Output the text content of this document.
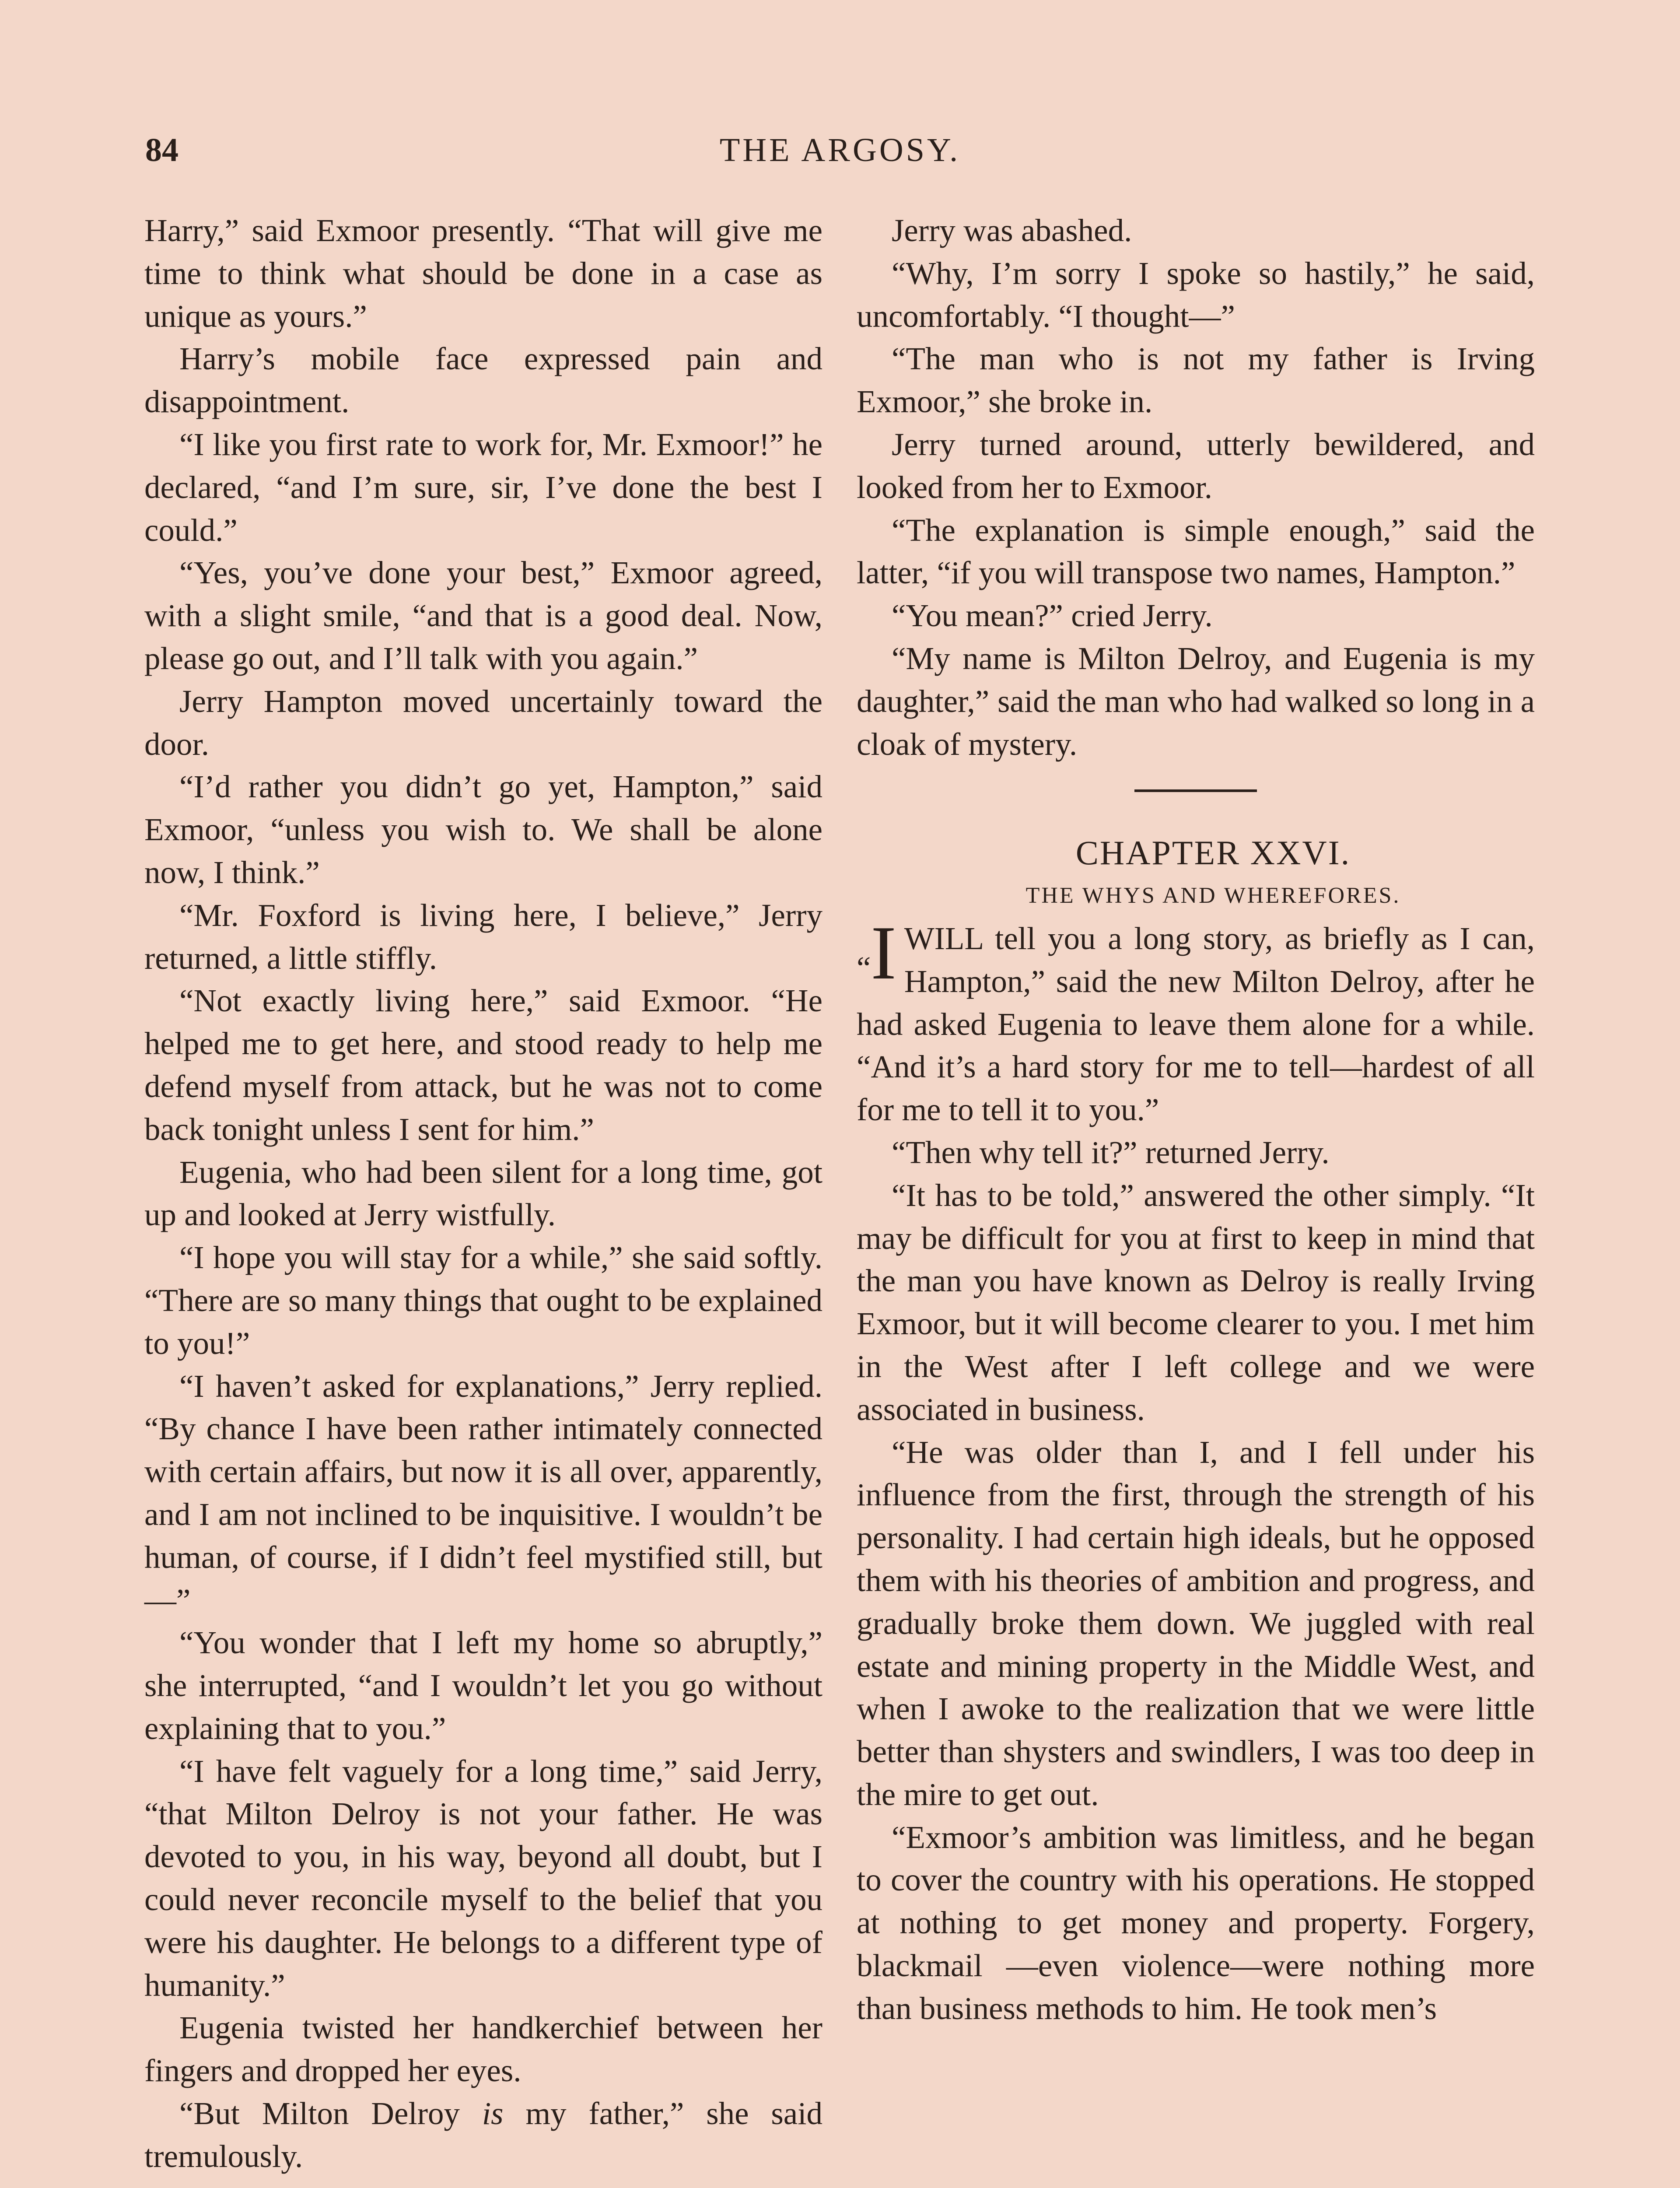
84	THE ARGOSY.

Harry,” said Exmoor presently. “That will give me time to think what should be done in a case as unique as yours.”

Harry’s mobile face expressed pain and disappointment.

“I like you first rate to work for, Mr. Exmoor!” he declared, “and I’m sure, sir, I’ve done the best I could.”

“Yes, you’ve done your best,” Exmoor agreed, with a slight smile, “and that is a good deal. Now, please go out, and I’ll talk with you again.”

Jerry Hampton moved uncertainly toward the door.

“I’d rather you didn’t go yet, Hampton,” said Exmoor, “unless you wish to. We shall be alone now, I think.”

“Mr. Foxford is living here, I believe,” Jerry returned, a little stiffly.

“Not exactly living here,” said Exmoor. “He helped me to get here, and stood ready to help me defend myself from attack, but he was not to come back tonight unless I sent for him.”

Eugenia, who had been silent for a long time, got up and looked at Jerry wistfully.

“I hope you will stay for a while,” she said softly. “There are so many things that ought to be explained to you!”

“I haven’t asked for explanations,” Jerry replied. “By chance I have been rather intimately connected with certain affairs, but now it is all over, apparently, and I am not inclined to be inquisitive. I wouldn’t be human, of course, if I didn’t feel mystified still, but—”

“You wonder that I left my home so abruptly,” she interrupted, “and I wouldn’t let you go without explaining that to you.”

“I have felt vaguely for a long time,” said Jerry, “that Milton Delroy is not your father. He was devoted to you, in his way, beyond all doubt, but I could never reconcile myself to the belief that you were his daughter. He belongs to a different type of humanity.”

Eugenia twisted her handkerchief between her fingers and dropped her eyes.

“But Milton Delroy is my father,” she said tremulously.

Jerry was abashed.

“Why, I’m sorry I spoke so hastily,” he said, uncomfortably. “I thought—”

“The man who is not my father is Irving Exmoor,” she broke in.

Jerry turned around, utterly bewildered, and looked from her to Exmoor.

“The explanation is simple enough,” said the latter, “if you will transpose two names, Hampton.”

“You mean?” cried Jerry.

“My name is Milton Delroy, and Eugenia is my daughter,” said the man who had walked so long in a cloak of mystery.

CHAPTER XXVI.

THE WHYS AND WHEREFORES.

“I WILL tell you a long story, as briefly as I can, Hampton,” said the new Milton Delroy, after he had asked Eugenia to leave them alone for a while. “And it’s a hard story for me to tell—hardest of all for me to tell it to you.”

“Then why tell it?” returned Jerry.

“It has to be told,” answered the other simply. “It may be difficult for you at first to keep in mind that the man you have known as Delroy is really Irving Exmoor, but it will become clearer to you. I met him in the West after I left college and we were associated in business.

“He was older than I, and I fell under his influence from the first, through the strength of his personality. I had certain high ideals, but he opposed them with his theories of ambition and progress, and gradually broke them down. We juggled with real estate and mining property in the Middle West, and when I awoke to the realization that we were little better than shysters and swindlers, I was too deep in the mire to get out.

“Exmoor’s ambition was limitless, and he began to cover the country with his operations. He stopped at nothing to get money and property. Forgery, blackmail —even violence—were nothing more than business methods to him. He took men’s
